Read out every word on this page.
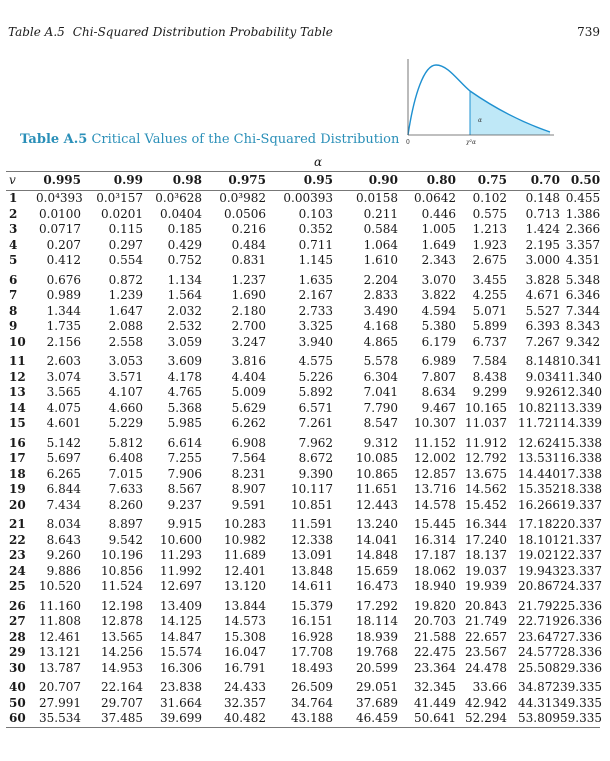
Table A.5 Chi-Squared Distribution Probability Table	739
0	χ²α
α
Table A.5 Critical Values of the Chi-Squared Distribution
	α									
v	0.995	0.99	0.98	0.975	0.95	0.90	0.80	0.75	0.70	0.50
1	0.0⁴393	0.0³157	0.0³628	0.0³982	0.00393	0.0158	0.0642	0.102	0.148	0.455
2	0.0100	0.0201	0.0404	0.0506	0.103	0.211	0.446	0.575	0.713	1.386
3	0.0717	0.115	0.185	0.216	0.352	0.584	1.005	1.213	1.424	2.366
4	0.207	0.297	0.429	0.484	0.711	1.064	1.649	1.923	2.195	3.357
5	0.412	0.554	0.752	0.831	1.145	1.610	2.343	2.675	3.000	4.351
6	0.676	0.872	1.134	1.237	1.635	2.204	3.070	3.455	3.828	5.348
7	0.989	1.239	1.564	1.690	2.167	2.833	3.822	4.255	4.671	6.346
8	1.344	1.647	2.032	2.180	2.733	3.490	4.594	5.071	5.527	7.344
9	1.735	2.088	2.532	2.700	3.325	4.168	5.380	5.899	6.393	8.343
10	2.156	2.558	3.059	3.247	3.940	4.865	6.179	6.737	7.267	9.342
11	2.603	3.053	3.609	3.816	4.575	5.578	6.989	7.584	8.148	10.341
12	3.074	3.571	4.178	4.404	5.226	6.304	7.807	8.438	9.034	11.340
13	3.565	4.107	4.765	5.009	5.892	7.041	8.634	9.299	9.926	12.340
14	4.075	4.660	5.368	5.629	6.571	7.790	9.467	10.165	10.821	13.339
15	4.601	5.229	5.985	6.262	7.261	8.547	10.307	11.037	11.721	14.339
16	5.142	5.812	6.614	6.908	7.962	9.312	11.152	11.912	12.624	15.338
17	5.697	6.408	7.255	7.564	8.672	10.085	12.002	12.792	13.531	16.338
18	6.265	7.015	7.906	8.231	9.390	10.865	12.857	13.675	14.440	17.338
19	6.844	7.633	8.567	8.907	10.117	11.651	13.716	14.562	15.352	18.338
20	7.434	8.260	9.237	9.591	10.851	12.443	14.578	15.452	16.266	19.337
21	8.034	8.897	9.915	10.283	11.591	13.240	15.445	16.344	17.182	20.337
22	8.643	9.542	10.600	10.982	12.338	14.041	16.314	17.240	18.101	21.337
23	9.260	10.196	11.293	11.689	13.091	14.848	17.187	18.137	19.021	22.337
24	9.886	10.856	11.992	12.401	13.848	15.659	18.062	19.037	19.943	23.337
25	10.520	11.524	12.697	13.120	14.611	16.473	18.940	19.939	20.867	24.337
26	11.160	12.198	13.409	13.844	15.379	17.292	19.820	20.843	21.792	25.336
27	11.808	12.878	14.125	14.573	16.151	18.114	20.703	21.749	22.719	26.336
28	12.461	13.565	14.847	15.308	16.928	18.939	21.588	22.657	23.647	27.336
29	13.121	14.256	15.574	16.047	17.708	19.768	22.475	23.567	24.577	28.336
30	13.787	14.953	16.306	16.791	18.493	20.599	23.364	24.478	25.508	29.336
40	20.707	22.164	23.838	24.433	26.509	29.051	32.345	33.66	34.872	39.335
50	27.991	29.707	31.664	32.357	34.764	37.689	41.449	42.942	44.313	49.335
60	35.534	37.485	39.699	40.482	43.188	46.459	50.641	52.294	53.809	59.335
